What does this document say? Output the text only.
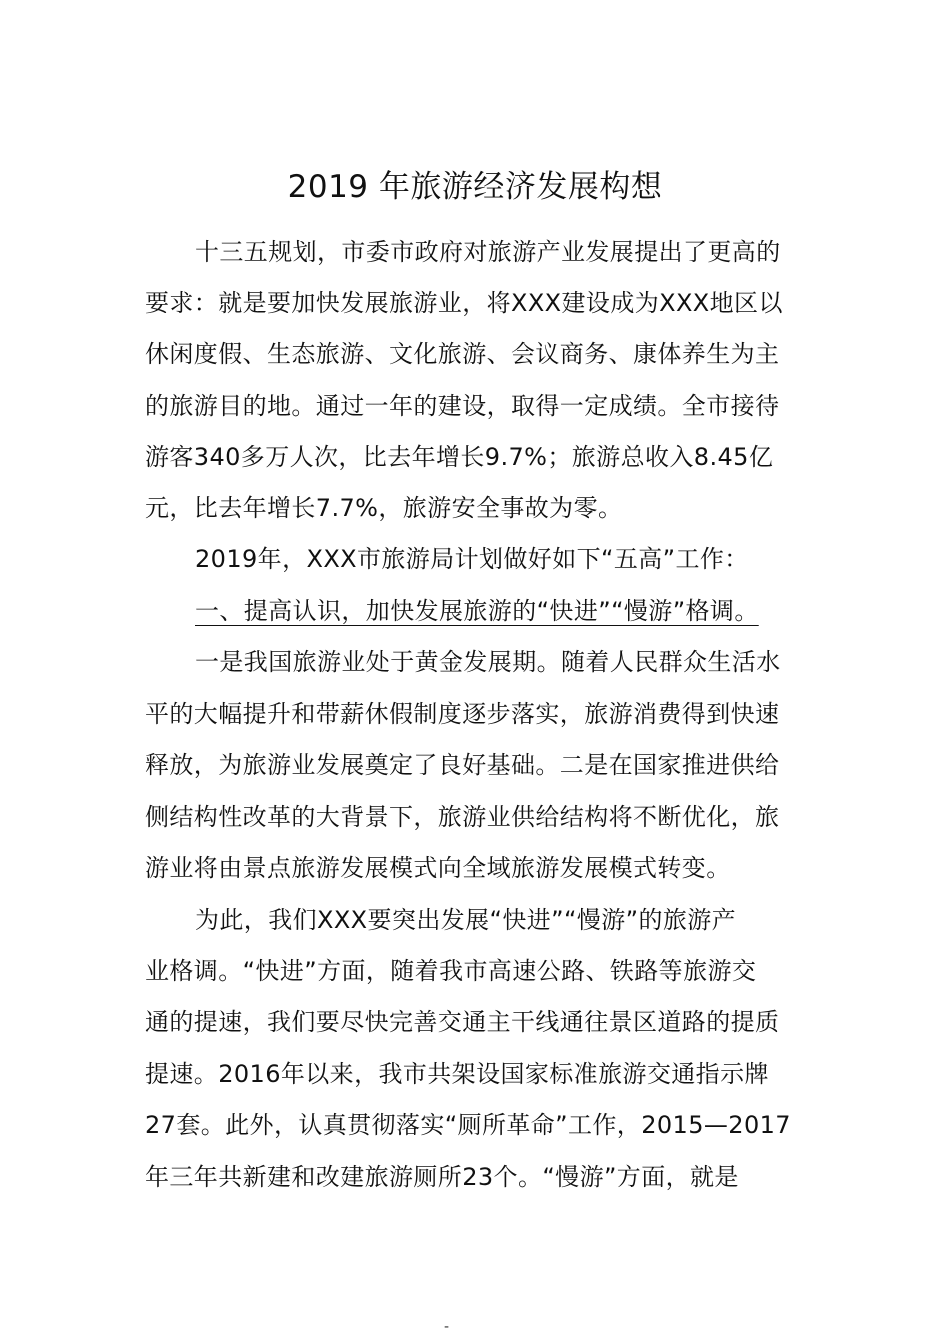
2019 年旅游经济发展构想
十三五规划，市委市政府对旅游产业发展提出了更高的
要求：就是要加快发展旅游业，将XXX建设成为XXX地区以
休闲度假、生态旅游、文化旅游、会议商务、康体养生为主
的旅游目的地。通过一年的建设，取得一定成绩。全市接待
游客340多万人次，比去年增长9.7%；旅游总收入8.45亿
元，比去年增长7.7%，旅游安全事故为零。
2019年，XXX市旅游局计划做好如下“五高”工作：
一、提高认识，加快发展旅游的“快进”“慢游”格调。
一是我国旅游业处于黄金发展期。随着人民群众生活水
平的大幅提升和带薪休假制度逐步落实，旅游消费得到快速
释放，为旅游业发展奠定了良好基础。二是在国家推进供给
侧结构性改革的大背景下，旅游业供给结构将不断优化，旅
游业将由景点旅游发展模式向全域旅游发展模式转变。
为此，我们XXX要突出发展“快进”“慢游”的旅游产
业格调。“快进”方面，随着我市高速公路、铁路等旅游交
通的提速，我们要尽快完善交通主干线通往景区道路的提质
提速。2016年以来，我市共架设国家标准旅游交通指示牌
27套。此外，认真贯彻落实“厕所革命”工作，2015—2017
年三年共新建和改建旅游厕所23个。“慢游”方面，就是
-
